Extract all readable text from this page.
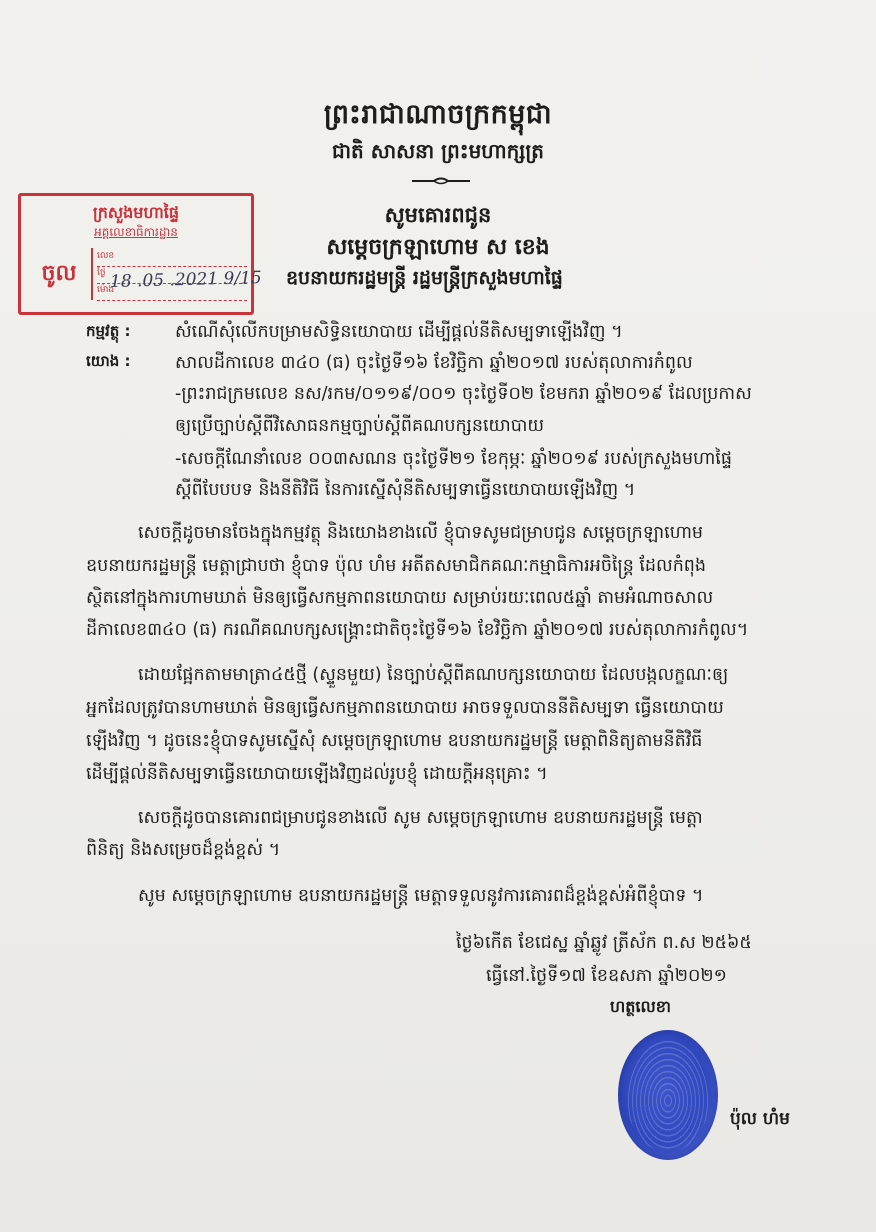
ព្រះរាជាណាចក្រកម្ពុជា
ជាតិ សាសនា ព្រះមហាក្សត្រ
សូមគោរពជូន
សម្តេចក្រឡាហោម ស ខេង
ឧបនាយករដ្ឋមន្រ្តី រដ្ឋមន្រ្តីក្រសួងមហាផ្ទៃ
ក្រសួងមហាផ្ទៃ
អគ្គលេខាធិការដ្ឋាន
ចូល
លេខ
ថ្ងៃ
ម៉ោង
18 .05 .2021 9/15
កម្មវត្ថុ :	សំណើសុំលើកបម្រាមសិទ្ធិនយោបាយ ដើម្បីផ្តល់នីតិសម្បទាឡើងវិញ ។
យោង :	សាលដីកាលេខ ៣៤០ (ធ) ចុះថ្ងៃទី១៦ ខែវិច្ឆិកា ឆ្នាំ២០១៧ របស់តុលាការកំពូល
-ព្រះរាជក្រមលេខ នស/រកម/០១១៩/០០១ ចុះថ្ងៃទី០២ ខែមករា ឆ្នាំ២០១៩ ដែលប្រកាស
ឲ្យប្រើច្បាប់ស្តីពីវិសោធនកម្មច្បាប់ស្តីពីគណបក្សនយោបាយ
-សេចក្តីណែនាំលេខ ០០៣សណន ចុះថ្ងៃទី២១ ខែកុម្ភៈ ឆ្នាំ២០១៩ របស់ក្រសួងមហាផ្ទៃ
ស្តីពីបែបបទ និងនីតិវិធី នៃការស្នើសុំនីតិសម្បទាធ្វើនយោបាយឡើងវិញ ។
សេចក្តីដូចមានចែងក្នុងកម្មវត្ថុ និងយោងខាងលើ ខ្ញុំបាទសូមជម្រាបជូន សម្តេចក្រឡាហោម
ឧបនាយករដ្ឋមន្រ្តី មេត្តាជ្រាបថា ខ្ញុំបាទ ប៉ុល ហំម អតីតសមាជិកគណៈកម្មាធិការអចិន្ត្រៃ ដែលកំពុង
ស្ថិតនៅក្នុងការហាមឃាត់ មិនឲ្យធ្វើសកម្មភាពនយោបាយ សម្រាប់រយៈពេល៥ឆ្នាំ តាមអំណាចសាល
ដីកាលេខ៣៤០ (ធ) ករណីគណបក្សសង្គ្រោះជាតិចុះថ្ងៃទី១៦ ខែវិច្ឆិកា ឆ្នាំ២០១៧ របស់តុលាការកំពូល។
ដោយផ្អែកតាមមាត្រា៤៥ថ្មី (ស្ទួនមួយ) នៃច្បាប់ស្តីពីគណបក្សនយោបាយ ដែលបង្កលក្ខណៈឲ្យ
អ្នកដែលត្រូវបានហាមឃាត់ មិនឲ្យធ្វើសកម្មភាពនយោបាយ អាចទទួលបាននីតិសម្បទា ធ្វើនយោបាយ
ឡើងវិញ ។ ដូចនេះខ្ញុំបាទសូមស្នើសុំ សម្តេចក្រឡាហោម ឧបនាយករដ្ឋមន្រ្តី មេត្តាពិនិត្យតាមនីតិវិធី
ដើម្បីផ្តល់នីតិសម្បទាធ្វើនយោបាយឡើងវិញដល់រូបខ្ញុំ ដោយក្តីអនុគ្រោះ ។
សេចក្តីដូចបានគោរពជម្រាបជូនខាងលើ សូម សម្តេចក្រឡាហោម ឧបនាយករដ្ឋមន្រ្តី មេត្តា
ពិនិត្យ និងសម្រេចដ៏ខ្ពង់ខ្ពស់ ។
សូម សម្តេចក្រឡាហោម ឧបនាយករដ្ឋមន្រ្តី មេត្តាទទួលនូវការគោរពដ៏ខ្ពង់ខ្ពស់អំពីខ្ញុំបាទ ។
ថ្ងៃ៦កើត ខែជេស្ឋ ឆ្នាំឆ្លូវ ត្រីស័ក ព.ស ២៥៦៥
ធ្វើនៅ.ថ្ងៃទី១៧ ខែឧសភា ឆ្នាំ២០២១
ហត្ថលេខា
ប៉ុល ហំម
